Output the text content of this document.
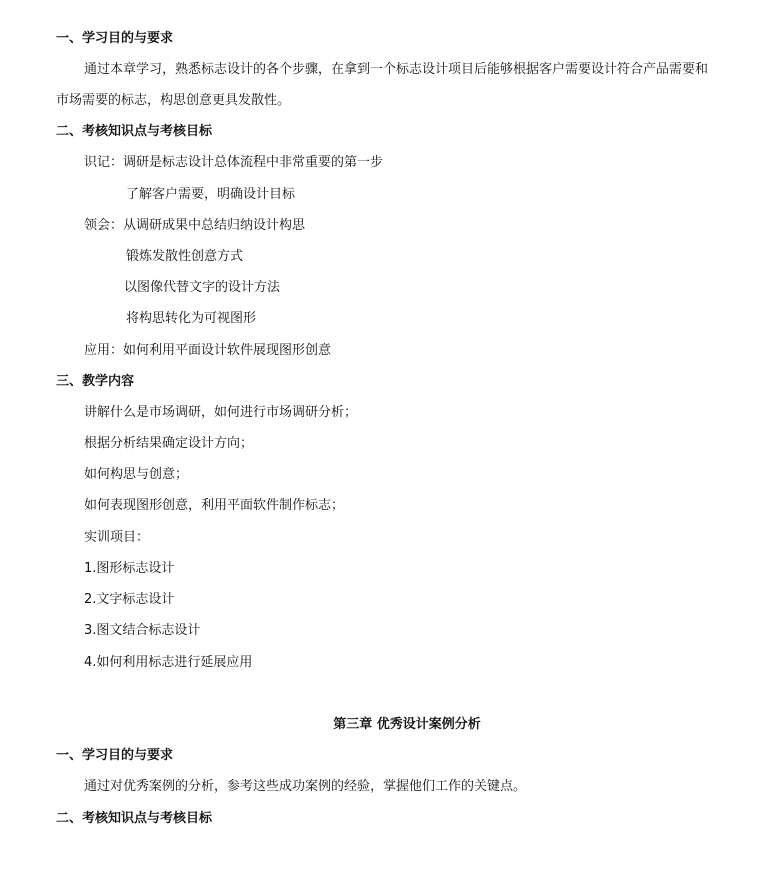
一、学习目的与要求
通过本章学习，熟悉标志设计的各个步骤，在拿到一个标志设计项目后能够根据客户需要设计符合产品需要和
市场需要的标志，构思创意更具发散性。
二、考核知识点与考核目标
识记：调研是标志设计总体流程中非常重要的第一步
了解客户需要，明确设计目标
领会：从调研成果中总结归纳设计构思
锻炼发散性创意方式
以图像代替文字的设计方法
将构思转化为可视图形
应用：如何利用平面设计软件展现图形创意
三、教学内容
讲解什么是市场调研，如何进行市场调研分析；
根据分析结果确定设计方向；
如何构思与创意；
如何表现图形创意，利用平面软件制作标志；
实训项目：
1.图形标志设计
2.文字标志设计
3.图文结合标志设计
4.如何利用标志进行延展应用
第三章 优秀设计案例分析
一、学习目的与要求
通过对优秀案例的分析，参考这些成功案例的经验，掌握他们工作的关键点。
二、考核知识点与考核目标
